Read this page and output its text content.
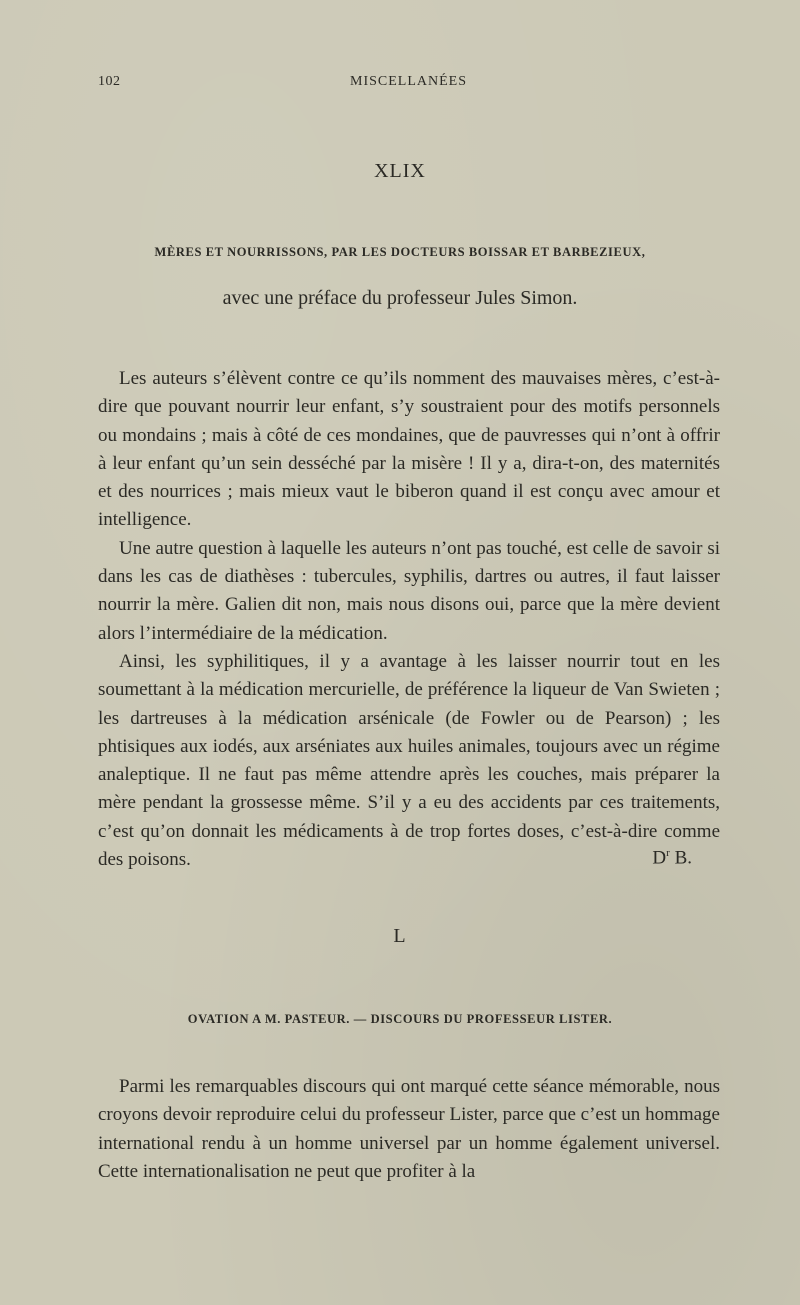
102	MISCELLANÉES
XLIX
MÈRES ET NOURRISSONS, PAR LES DOCTEURS BOISSAR ET BARBEZIEUX,
avec une préface du professeur Jules Simon.

Les auteurs s’élèvent contre ce qu’ils nomment des mauvaises mères, c’est-à-dire que pouvant nourrir leur enfant, s’y soustraient pour des motifs personnels ou mondains ; mais à côté de ces mondaines, que de pauvresses qui n’ont à offrir à leur enfant qu’un sein desséché par la misère ! Il y a, dira-t-on, des maternités et des nourrices ; mais mieux vaut le biberon quand il est conçu avec amour et intelligence.

Une autre question à laquelle les auteurs n’ont pas touché, est celle de savoir si dans les cas de diathèses : tubercules, syphilis, dartres ou autres, il faut laisser nourrir la mère. Galien dit non, mais nous disons oui, parce que la mère devient alors l’intermédiaire de la médication.

Ainsi, les syphilitiques, il y a avantage à les laisser nourrir tout en les soumettant à la médication mercurielle, de préférence la liqueur de Van Swieten ; les dartreuses à la médication arsénicale (de Fowler ou de Pearson) ; les phtisiques aux iodés, aux arséniates aux huiles animales, toujours avec un régime analeptique. Il ne faut pas même attendre après les couches, mais préparer la mère pendant la grossesse même. S’il y a eu des accidents par ces traitements, c’est qu’on donnait les médicaments à de trop fortes doses, c’est-à-dire comme des poisons.	$D^r$ B.
L
OVATION A M. PASTEUR. — DISCOURS DU PROFESSEUR LISTER.

Parmi les remarquables discours qui ont marqué cette séance mémorable, nous croyons devoir reproduire celui du professeur Lister, parce que c’est un hommage international rendu à un homme universel par un homme également universel. Cette internationalisation ne peut que profiter à la
